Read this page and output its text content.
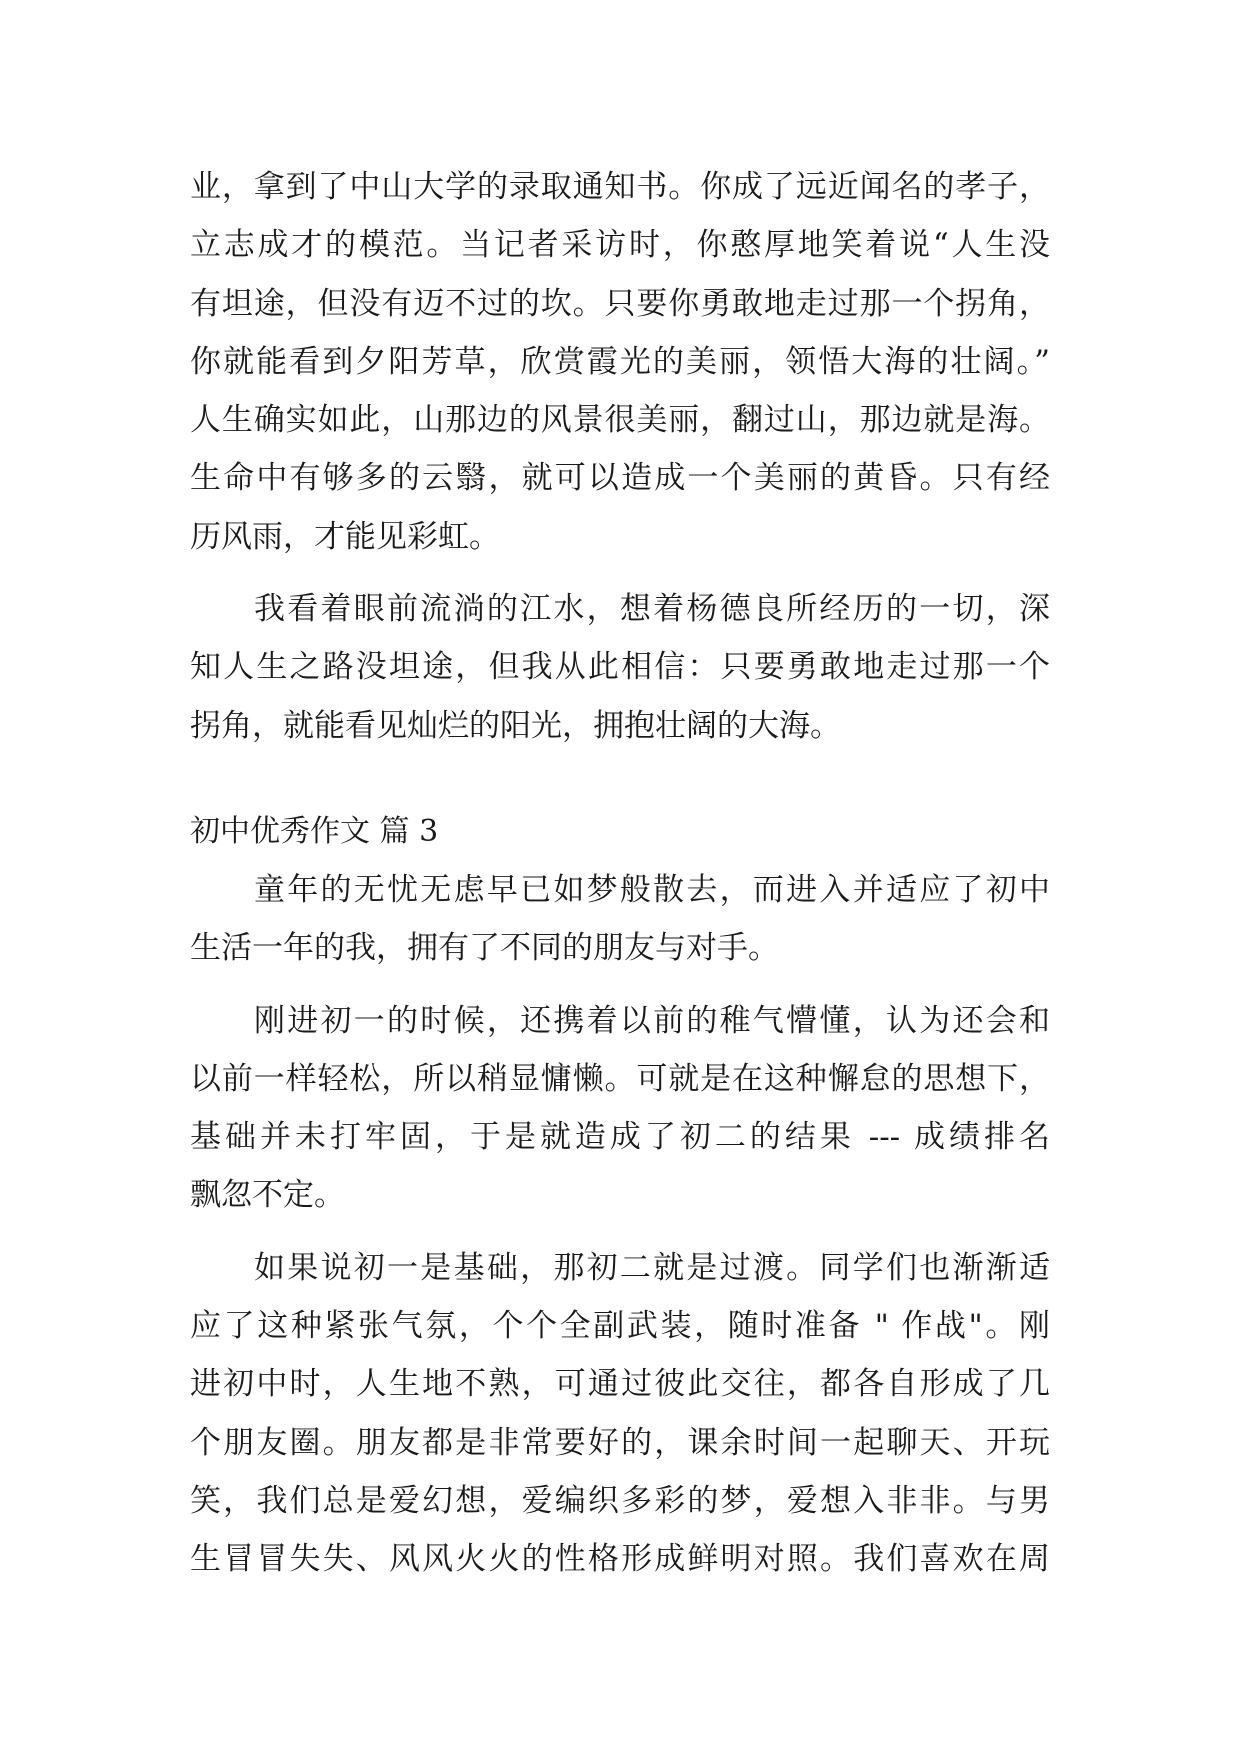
业，拿到了中山大学的录取通知书。你成了远近闻名的孝子，
立志成才的模范。当记者采访时，你憨厚地笑着说“人生没
有坦途，但没有迈不过的坎。只要你勇敢地走过那一个拐角，
你就能看到夕阳芳草，欣赏霞光的美丽，领悟大海的壮阔。”
人生确实如此，山那边的风景很美丽，翻过山，那边就是海。
生命中有够多的云翳，就可以造成一个美丽的黄昏。只有经
历风雨，才能见彩虹。
我看着眼前流淌的江水，想着杨德良所经历的一切，深
知人生之路没坦途，但我从此相信：只要勇敢地走过那一个
拐角，就能看见灿烂的阳光，拥抱壮阔的大海。
初中优秀作文 篇 3
童年的无忧无虑早已如梦般散去，而进入并适应了初中
生活一年的我，拥有了不同的朋友与对手。
刚进初一的时候，还携着以前的稚气懵懂，认为还会和
以前一样轻松，所以稍显慵懒。可就是在这种懈怠的思想下，
基础并未打牢固，于是就造成了初二的结果 --- 成绩排名
飘忽不定。
如果说初一是基础，那初二就是过渡。同学们也渐渐适
应了这种紧张气氛，个个全副武装，随时准备 " 作战"。刚
进初中时，人生地不熟，可通过彼此交往，都各自形成了几
个朋友圈。朋友都是非常要好的，课余时间一起聊天、开玩
笑，我们总是爱幻想，爱编织多彩的梦，爱想入非非。与男
生冒冒失失、风风火火的性格形成鲜明对照。我们喜欢在周
